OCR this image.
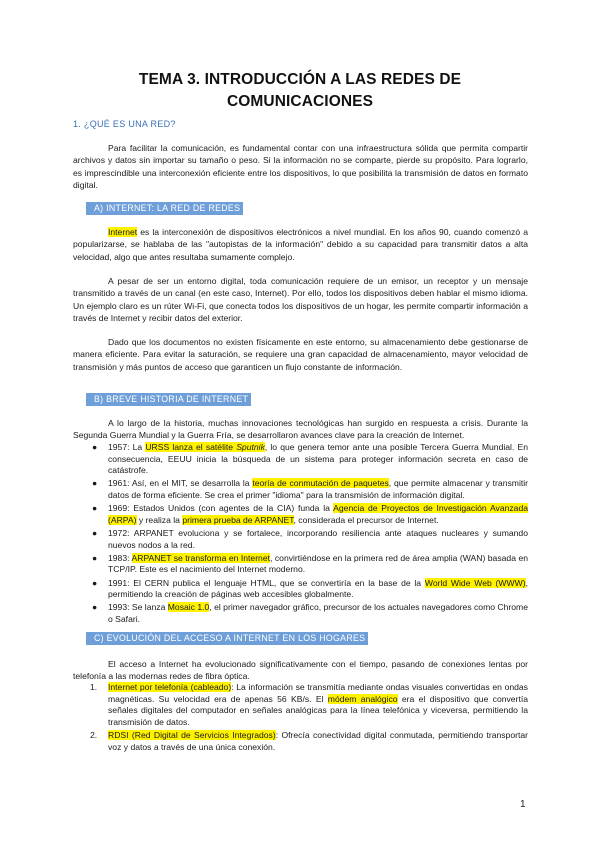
TEMA 3. INTRODUCCIÓN A LAS REDES DE
COMUNICACIONES
1. ¿QUÉ ES UNA RED?
Para facilitar la comunicación, es fundamental contar con una infraestructura sólida que permita compartir archivos y datos sin importar su tamaño o peso. Si la información no se comparte, pierde su propósito. Para lograrlo, es imprescindible una interconexión eficiente entre los dispositivos, lo que posibilita la transmisión de datos en formato digital.
A) INTERNET: LA RED DE REDES
Internet es la interconexión de dispositivos electrónicos a nivel mundial. En los años 90, cuando comenzó a popularizarse, se hablaba de las "autopistas de la información" debido a su capacidad para transmitir datos a alta velocidad, algo que antes resultaba sumamente complejo.
A pesar de ser un entorno digital, toda comunicación requiere de un emisor, un receptor y un mensaje transmitido a través de un canal (en este caso, Internet). Por ello, todos los dispositivos deben hablar el mismo idioma. Un ejemplo claro es un rúter Wi-Fi, que conecta todos los dispositivos de un hogar, les permite compartir información a través de Internet y recibir datos del exterior.
Dado que los documentos no existen físicamente en este entorno, su almacenamiento debe gestionarse de manera eficiente. Para evitar la saturación, se requiere una gran capacidad de almacenamiento, mayor velocidad de transmisión y más puntos de acceso que garanticen un flujo constante de información.
B) BREVE HISTORIA DE INTERNET
A lo largo de la historia, muchas innovaciones tecnológicas han surgido en respuesta a crisis. Durante la Segunda Guerra Mundial y la Guerra Fría, se desarrollaron avances clave para la creación de Internet.
● 1957: La URSS lanza el satélite Sputnik, lo que genera temor ante una posible Tercera Guerra Mundial. En consecuencia, EEUU inicia la búsqueda de un sistema para proteger información secreta en caso de catástrofe.
● 1961: Así, en el MIT, se desarrolla la teoría de conmutación de paquetes, que permite almacenar y transmitir datos de forma eficiente. Se crea el primer "idioma" para la transmisión de información digital.
● 1969: Estados Unidos (con agentes de la CIA) funda la Agencia de Proyectos de Investigación Avanzada (ARPA) y realiza la primera prueba de ARPANET, considerada el precursor de Internet.
● 1972: ARPANET evoluciona y se fortalece, incorporando resiliencia ante ataques nucleares y sumando nuevos nodos a la red.
● 1983: ARPANET se transforma en Internet, convirtiéndose en la primera red de área amplia (WAN) basada en TCP/IP. Este es el nacimiento del Internet moderno.
● 1991: El CERN publica el lenguaje HTML, que se convertiría en la base de la World Wide Web (WWW), permitiendo la creación de páginas web accesibles globalmente.
● 1993: Se lanza Mosaic 1.0, el primer navegador gráfico, precursor de los actuales navegadores como Chrome o Safari.
C) EVOLUCIÓN DEL ACCESO A INTERNET EN LOS HOGARES
El acceso a Internet ha evolucionado significativamente con el tiempo, pasando de conexiones lentas por telefonía a las modernas redes de fibra óptica.
1. Internet por telefonía (cableado): La información se transmitía mediante ondas visuales convertidas en ondas magnéticas. Su velocidad era de apenas 56 KB/s. El módem analógico era el dispositivo que convertía señales digitales del computador en señales analógicas para la línea telefónica y viceversa, permitiendo la transmisión de datos.
2. RDSI (Red Digital de Servicios Integrados): Ofrecía conectividad digital conmutada, permitiendo transportar voz y datos a través de una única conexión.
1
